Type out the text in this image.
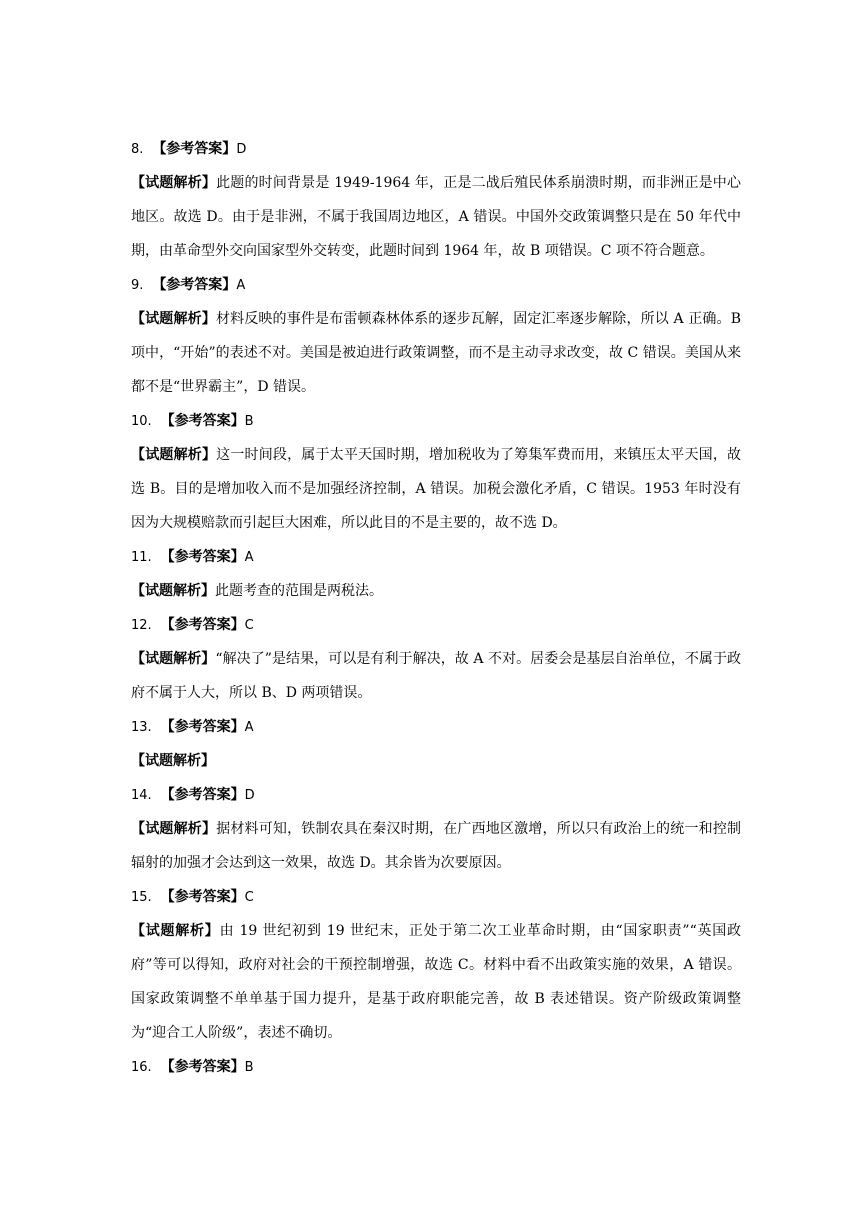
8. 【参考答案】D
【试题解析】此题的时间背景是 1949-1964 年，正是二战后殖民体系崩溃时期，而非洲正是中心地区。故选 D。由于是非洲，不属于我国周边地区，A 错误。中国外交政策调整只是在 50 年代中期，由革命型外交向国家型外交转变，此题时间到 1964 年，故 B 项错误。C 项不符合题意。
9. 【参考答案】A
【试题解析】材料反映的事件是布雷顿森林体系的逐步瓦解，固定汇率逐步解除，所以 A 正确。B 项中，“开始”的表述不对。美国是被迫进行政策调整，而不是主动寻求改变，故 C 错误。美国从来都不是“世界霸主”，D 错误。
10. 【参考答案】B
【试题解析】这一时间段，属于太平天国时期，增加税收为了筹集军费而用，来镇压太平天国，故选 B。目的是增加收入而不是加强经济控制，A 错误。加税会激化矛盾，C 错误。1953 年时没有因为大规模赔款而引起巨大困难，所以此目的不是主要的，故不选 D。
11. 【参考答案】A
【试题解析】此题考查的范围是两税法。
12. 【参考答案】C
【试题解析】“解决了”是结果，可以是有利于解决，故 A 不对。居委会是基层自治单位，不属于政府不属于人大，所以 B、D 两项错误。
13. 【参考答案】A
【试题解析】
14. 【参考答案】D
【试题解析】据材料可知，铁制农具在秦汉时期，在广西地区激增，所以只有政治上的统一和控制辐射的加强才会达到这一效果，故选 D。其余皆为次要原因。
15. 【参考答案】C
【试题解析】由 19 世纪初到 19 世纪末，正处于第二次工业革命时期，由“国家职责”“英国政府”等可以得知，政府对社会的干预控制增强，故选 C。材料中看不出政策实施的效果，A 错误。国家政策调整不单单基于国力提升，是基于政府职能完善，故 B 表述错误。资产阶级政策调整为“迎合工人阶级”，表述不确切。
16. 【参考答案】B
